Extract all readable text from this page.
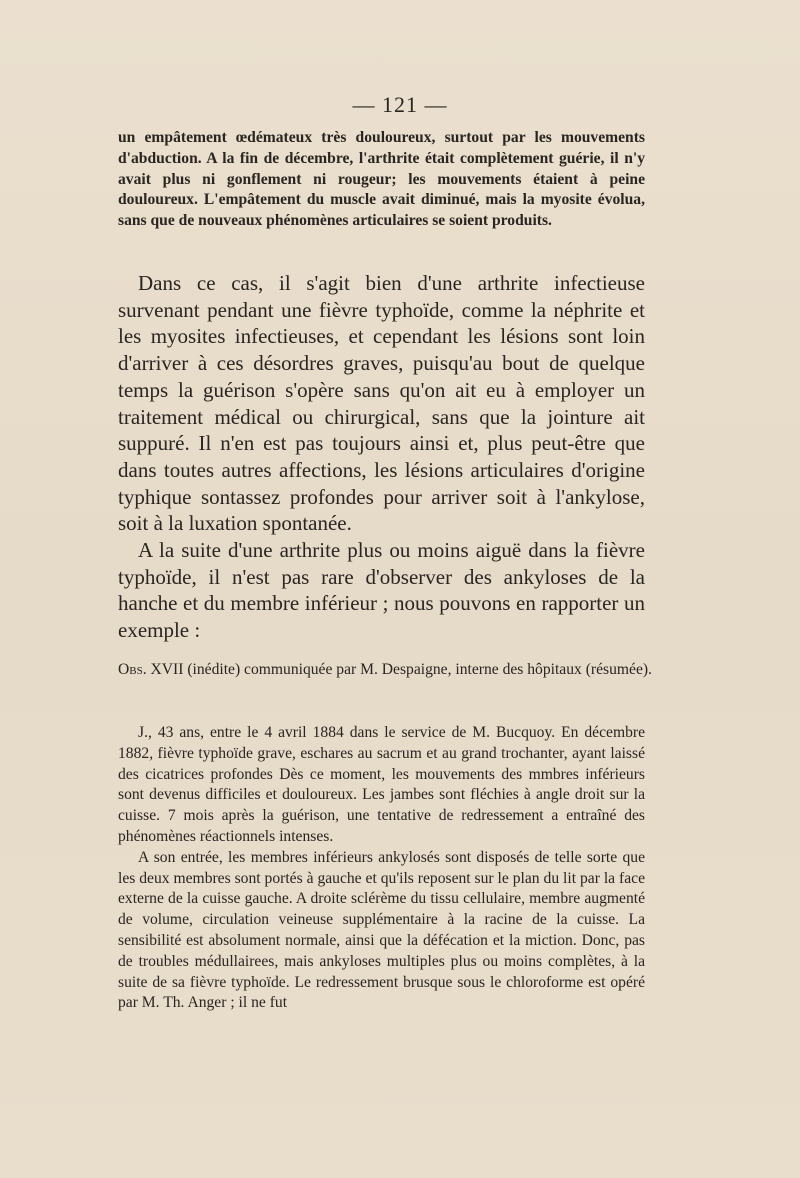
— 121 —

un empâtement œdémateux très douloureux, surtout par les mouvements d'abduction. A la fin de décembre, l'arthrite était complètement guérie, il n'y avait plus ni gonflement ni rougeur; les mouvements étaient à peine douloureux. L'empâtement du muscle avait diminué, mais la myosite évolua, sans que de nouveaux phénomènes articulaires se soient produits.

Dans ce cas, il s'agit bien d'une arthrite infectieuse survenant pendant une fièvre typhoïde, comme la néphrite et les myosites infectieuses, et cependant les lésions sont loin d'arriver à ces désordres graves, puisqu'au bout de quelque temps la guérison s'opère sans qu'on ait eu à employer un traitement médical ou chirurgical, sans que la jointure ait suppuré. Il n'en est pas toujours ainsi et, plus peut-être que dans toutes autres affections, les lésions articulaires d'origine typhique sontassez profondes pour arriver soit à l'ankylose, soit à la luxation spontanée.

A la suite d'une arthrite plus ou moins aiguë dans la fièvre typhoïde, il n'est pas rare d'observer des ankyloses de la hanche et du membre inférieur ; nous pouvons en rapporter un exemple :

Obs. XVII (inédite) communiquée par M. Despaigne, interne des hôpitaux (résumée).

J., 43 ans, entre le 4 avril 1884 dans le service de M. Bucquoy. En décembre 1882, fièvre typhoïde grave, eschares au sacrum et au grand trochanter, ayant laissé des cicatrices profondes Dès ce moment, les mouvements des mmbres inférieurs sont devenus difficiles et douloureux. Les jambes sont fléchies à angle droit sur la cuisse. 7 mois après la guérison, une tentative de redressement a entraîné des phénomènes réactionnels intenses.

A son entrée, les membres inférieurs ankylosés sont disposés de telle sorte que les deux membres sont portés à gauche et qu'ils reposent sur le plan du lit par la face externe de la cuisse gauche. A droite sclérème du tissu cellulaire, membre augmenté de volume, circulation veineuse supplémentaire à la racine de la cuisse. La sensibilité est absolument normale, ainsi que la défécation et la miction. Donc, pas de troubles médullairees, mais ankyloses multiples plus ou moins complètes, à la suite de sa fièvre typhoïde. Le redressement brusque sous le chloroforme est opéré par M. Th. Anger ; il ne fut
